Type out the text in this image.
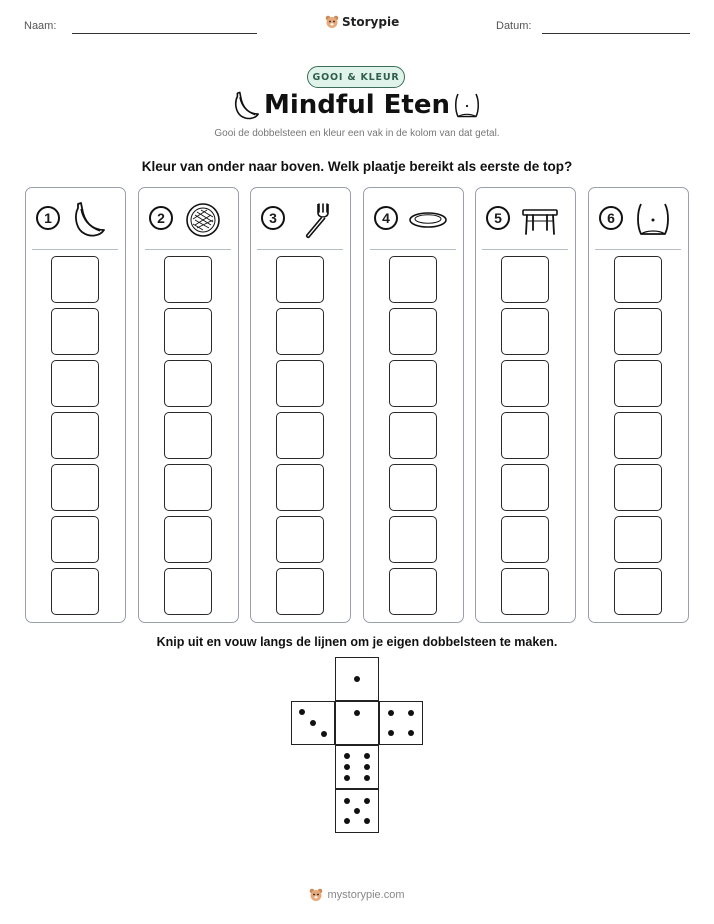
Naam:	Storypie	Datum:
GOOI & KLEUR
Mindful Eten
Gooi de dobbelsteen en kleur een vak in de kolom van dat getal.
Kleur van onder naar boven. Welk plaatje bereikt als eerste de top?
1	2	3	4	5	6
Knip uit en vouw langs de lijnen om je eigen dobbelsteen te maken.
mystorypie.com
